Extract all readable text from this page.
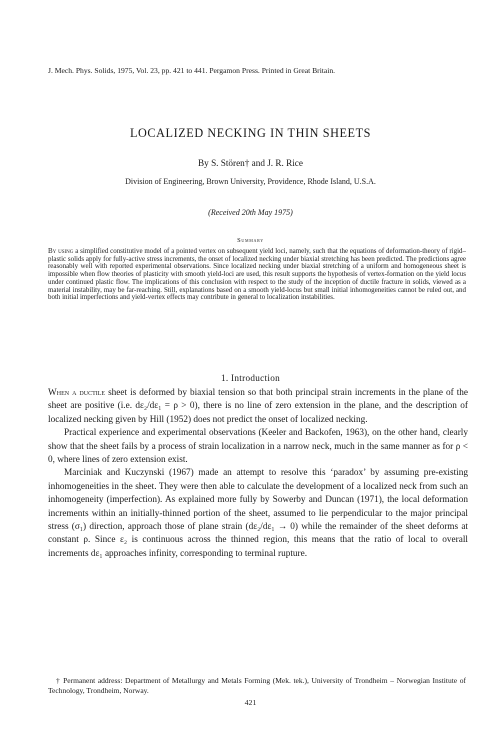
J. Mech. Phys. Solids, 1975, Vol. 23, pp. 421 to 441. Pergamon Press. Printed in Great Britain.
LOCALIZED NECKING IN THIN SHEETS
By S. Stören† and J. R. Rice
Division of Engineering, Brown University, Providence, Rhode Island, U.S.A.
(Received 20th May 1975)
Summary
By using a simplified constitutive model of a pointed vertex on subsequent yield loci, namely, such that the equations of deformation-theory of rigid–plastic solids apply for fully-active stress increments, the onset of localized necking under biaxial stretching has been predicted. The predictions agree reasonably well with reported experimental observations. Since localized necking under biaxial stretching of a uniform and homogeneous sheet is impossible when flow theories of plasticity with smooth yield-loci are used, this result supports the hypothesis of vertex-formation on the yield locus under continued plastic flow. The implications of this conclusion with respect to the study of the inception of ductile fracture in solids, viewed as a material instability, may be far-reaching. Still, explanations based on a smooth yield-locus but small initial inhomogeneities cannot be ruled out, and both initial imperfections and yield-vertex effects may contribute in general to localization instabilities.
1. Introduction

When a ductile sheet is deformed by biaxial tension so that both principal strain increments in the plane of the sheet are positive (i.e. dε₂/dε₁ = ρ > 0), there is no line of zero extension in the plane, and the description of localized necking given by Hill (1952) does not predict the onset of localized necking.

Practical experience and experimental observations (Keeler and Backofen, 1963), on the other hand, clearly show that the sheet fails by a process of strain localization in a narrow neck, much in the same manner as for ρ < 0, where lines of zero extension exist.

Marciniak and Kuczynski (1967) made an attempt to resolve this ‘paradox’ by assuming pre-existing inhomogeneities in the sheet. They were then able to calculate the development of a localized neck from such an inhomogeneity (imperfection). As explained more fully by Sowerby and Duncan (1971), the local deformation increments within an initially-thinned portion of the sheet, assumed to lie perpendicular to the major principal stress (σ₁) direction, approach those of plane strain (dε₂/dε₁ → 0) while the remainder of the sheet deforms at constant ρ. Since ε₂ is continuous across the thinned region, this means that the ratio of local to overall increments dε₁ approaches infinity, corresponding to terminal rupture.

† Permanent address: Department of Metallurgy and Metals Forming (Mek. tek.), University of Trondheim – Norwegian Institute of Technology, Trondheim, Norway.

421
